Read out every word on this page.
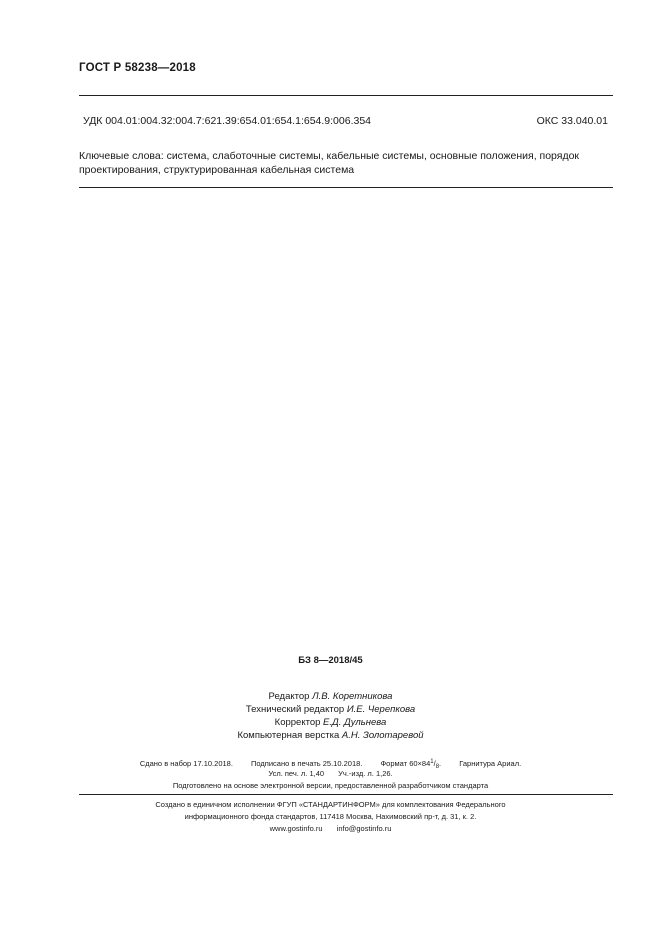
ГОСТ Р 58238—2018
УДК 004.01:004.32:004.7:621.39:654.01:654.1:654.9:006.354	ОКС 33.040.01
Ключевые слова: система, слаботочные системы, кабельные системы, основные положения, порядок
проектирования, структурированная кабельная система
БЗ 8—2018/45
Редактор Л.В. Коретникова
Технический редактор И.Е. Черепкова
Корректор Е.Д. Дульнева
Компьютерная верстка А.Н. Золотаревой
Сдано в набор 17.10.2018. Подписано в печать 25.10.2018. Формат $60\times 84^1/_8$. Гарнитура Ариал.
Усл. печ. л. 1,40 Уч.-изд. л. 1,26.
Подготовлено на основе электронной версии, предоставленной разработчиком стандарта
Создано в единичном исполнении ФГУП «СТАНДАРТИНФОРМ» для комплектования Федерального
информационного фонда стандартов, 117418 Москва, Нахимовский пр-т, д. 31, к. 2.
www.gostinfo.ru info@gostinfo.ru
